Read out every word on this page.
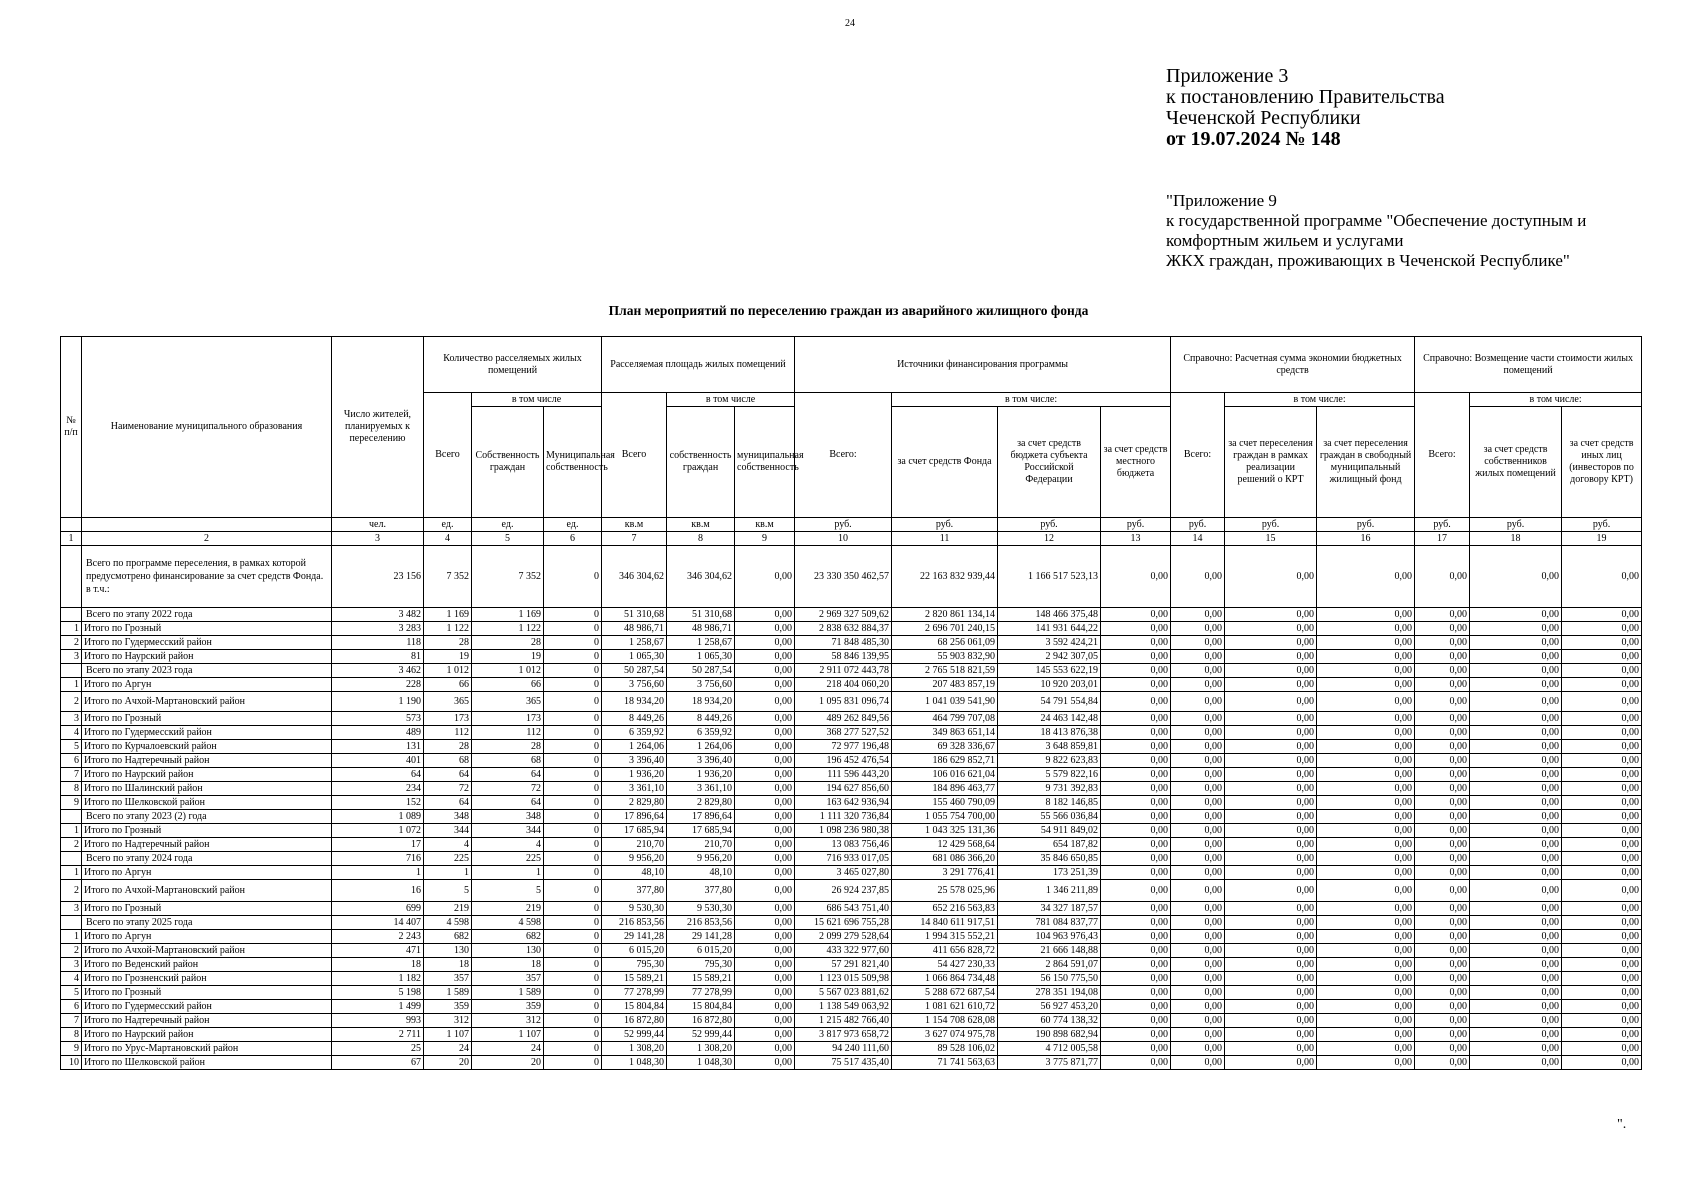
24
Приложение 3
к постановлению Правительства
Чеченской Республики
от 19.07.2024 № 148
"Приложение 9
к государственной программе "Обеспечение доступным и
комфортным жильем и услугами
ЖКХ граждан, проживающих в Чеченской Республике"
План мероприятий по переселению граждан из аварийного жилищного фонда
№ п/п	Наименование муниципального образования	Число жителей, планируемых к переселению	Количество расселяемых жилых помещений			Расселяемая площадь жилых помещений			Источники финансирования программы				Справочно: Расчетная сумма экономии бюджетных средств			Справочно: Возмещение части стоимости жилых помещений		
			Всего	в том числе		Всего	в том числе		Всего:	в том числе:			Всего:	в том числе:		Всего:	в том числе:	
				Собственность граждан	Муниципальная собственность		собственность граждан	муниципальная собственность		за счет средств Фонда	за счет средств бюджета субъекта Российской Федерации	за счет средств местного бюджета		за счет переселения граждан в рамках реализации решений о КРТ	за счет переселения граждан в свободный муниципальный жилищный фонд		за счет средств собственников жилых помещений	за счет средств иных лиц (инвесторов по договору КРТ)
		чел.	ед.	ед.	ед.	кв.м	кв.м	кв.м	руб.	руб.	руб.	руб.	руб.	руб.	руб.	руб.	руб.	руб.
1	2	3	4	5	6	7	8	9	10	11	12	13	14	15	16	17	18	19
	Всего по программе переселения, в рамках которой предусмотрено финансирование за счет средств Фонда. в т.ч.:	23 156	7 352	7 352	0	346 304,62	346 304,62	0,00	23 330 350 462,57	22 163 832 939,44	1 166 517 523,13	0,00	0,00	0,00	0,00	0,00	0,00	0,00
	Всего по этапу 2022 года	3 482	1 169	1 169	0	51 310,68	51 310,68	0,00	2 969 327 509,62	2 820 861 134,14	148 466 375,48	0,00	0,00	0,00	0,00	0,00	0,00	0,00
1	Итого по Грозный	3 283	1 122	1 122	0	48 986,71	48 986,71	0,00	2 838 632 884,37	2 696 701 240,15	141 931 644,22	0,00	0,00	0,00	0,00	0,00	0,00	0,00
2	Итого по Гудермесский район	118	28	28	0	1 258,67	1 258,67	0,00	71 848 485,30	68 256 061,09	3 592 424,21	0,00	0,00	0,00	0,00	0,00	0,00	0,00
3	Итого по Наурский район	81	19	19	0	1 065,30	1 065,30	0,00	58 846 139,95	55 903 832,90	2 942 307,05	0,00	0,00	0,00	0,00	0,00	0,00	0,00
	Всего по этапу 2023 года	3 462	1 012	1 012	0	50 287,54	50 287,54	0,00	2 911 072 443,78	2 765 518 821,59	145 553 622,19	0,00	0,00	0,00	0,00	0,00	0,00	0,00
1	Итого по Аргун	228	66	66	0	3 756,60	3 756,60	0,00	218 404 060,20	207 483 857,19	10 920 203,01	0,00	0,00	0,00	0,00	0,00	0,00	0,00
2	Итого по Ачхой-Мартановский район	1 190	365	365	0	18 934,20	18 934,20	0,00	1 095 831 096,74	1 041 039 541,90	54 791 554,84	0,00	0,00	0,00	0,00	0,00	0,00	0,00
3	Итого по Грозный	573	173	173	0	8 449,26	8 449,26	0,00	489 262 849,56	464 799 707,08	24 463 142,48	0,00	0,00	0,00	0,00	0,00	0,00	0,00
4	Итого по Гудермесский район	489	112	112	0	6 359,92	6 359,92	0,00	368 277 527,52	349 863 651,14	18 413 876,38	0,00	0,00	0,00	0,00	0,00	0,00	0,00
5	Итого по Курчалоевский район	131	28	28	0	1 264,06	1 264,06	0,00	72 977 196,48	69 328 336,67	3 648 859,81	0,00	0,00	0,00	0,00	0,00	0,00	0,00
6	Итого по Надтеречный район	401	68	68	0	3 396,40	3 396,40	0,00	196 452 476,54	186 629 852,71	9 822 623,83	0,00	0,00	0,00	0,00	0,00	0,00	0,00
7	Итого по Наурский район	64	64	64	0	1 936,20	1 936,20	0,00	111 596 443,20	106 016 621,04	5 579 822,16	0,00	0,00	0,00	0,00	0,00	0,00	0,00
8	Итого по Шалинский район	234	72	72	0	3 361,10	3 361,10	0,00	194 627 856,60	184 896 463,77	9 731 392,83	0,00	0,00	0,00	0,00	0,00	0,00	0,00
9	Итого по Шелковской район	152	64	64	0	2 829,80	2 829,80	0,00	163 642 936,94	155 460 790,09	8 182 146,85	0,00	0,00	0,00	0,00	0,00	0,00	0,00
	Всего по этапу 2023 (2) года	1 089	348	348	0	17 896,64	17 896,64	0,00	1 111 320 736,84	1 055 754 700,00	55 566 036,84	0,00	0,00	0,00	0,00	0,00	0,00	0,00
1	Итого по Грозный	1 072	344	344	0	17 685,94	17 685,94	0,00	1 098 236 980,38	1 043 325 131,36	54 911 849,02	0,00	0,00	0,00	0,00	0,00	0,00	0,00
2	Итого по Надтеречный район	17	4	4	0	210,70	210,70	0,00	13 083 756,46	12 429 568,64	654 187,82	0,00	0,00	0,00	0,00	0,00	0,00	0,00
	Всего по этапу 2024 года	716	225	225	0	9 956,20	9 956,20	0,00	716 933 017,05	681 086 366,20	35 846 650,85	0,00	0,00	0,00	0,00	0,00	0,00	0,00
1	Итого по Аргун	1	1	1	0	48,10	48,10	0,00	3 465 027,80	3 291 776,41	173 251,39	0,00	0,00	0,00	0,00	0,00	0,00	0,00
2	Итого по Ачхой-Мартановский район	16	5	5	0	377,80	377,80	0,00	26 924 237,85	25 578 025,96	1 346 211,89	0,00	0,00	0,00	0,00	0,00	0,00	0,00
3	Итого по Грозный	699	219	219	0	9 530,30	9 530,30	0,00	686 543 751,40	652 216 563,83	34 327 187,57	0,00	0,00	0,00	0,00	0,00	0,00	0,00
	Всего по этапу 2025 года	14 407	4 598	4 598	0	216 853,56	216 853,56	0,00	15 621 696 755,28	14 840 611 917,51	781 084 837,77	0,00	0,00	0,00	0,00	0,00	0,00	0,00
1	Итого по Аргун	2 243	682	682	0	29 141,28	29 141,28	0,00	2 099 279 528,64	1 994 315 552,21	104 963 976,43	0,00	0,00	0,00	0,00	0,00	0,00	0,00
2	Итого по Ачхой-Мартановский район	471	130	130	0	6 015,20	6 015,20	0,00	433 322 977,60	411 656 828,72	21 666 148,88	0,00	0,00	0,00	0,00	0,00	0,00	0,00
3	Итого по Веденский район	18	18	18	0	795,30	795,30	0,00	57 291 821,40	54 427 230,33	2 864 591,07	0,00	0,00	0,00	0,00	0,00	0,00	0,00
4	Итого по Грозненский район	1 182	357	357	0	15 589,21	15 589,21	0,00	1 123 015 509,98	1 066 864 734,48	56 150 775,50	0,00	0,00	0,00	0,00	0,00	0,00	0,00
5	Итого по Грозный	5 198	1 589	1 589	0	77 278,99	77 278,99	0,00	5 567 023 881,62	5 288 672 687,54	278 351 194,08	0,00	0,00	0,00	0,00	0,00	0,00	0,00
6	Итого по Гудермесский район	1 499	359	359	0	15 804,84	15 804,84	0,00	1 138 549 063,92	1 081 621 610,72	56 927 453,20	0,00	0,00	0,00	0,00	0,00	0,00	0,00
7	Итого по Надтеречный район	993	312	312	0	16 872,80	16 872,80	0,00	1 215 482 766,40	1 154 708 628,08	60 774 138,32	0,00	0,00	0,00	0,00	0,00	0,00	0,00
8	Итого по Наурский район	2 711	1 107	1 107	0	52 999,44	52 999,44	0,00	3 817 973 658,72	3 627 074 975,78	190 898 682,94	0,00	0,00	0,00	0,00	0,00	0,00	0,00
9	Итого по Урус-Мартановский район	25	24	24	0	1 308,20	1 308,20	0,00	94 240 111,60	89 528 106,02	4 712 005,58	0,00	0,00	0,00	0,00	0,00	0,00	0,00
10	Итого по Шелковской район	67	20	20	0	1 048,30	1 048,30	0,00	75 517 435,40	71 741 563,63	3 775 871,77	0,00	0,00	0,00	0,00	0,00	0,00	0,00
".
